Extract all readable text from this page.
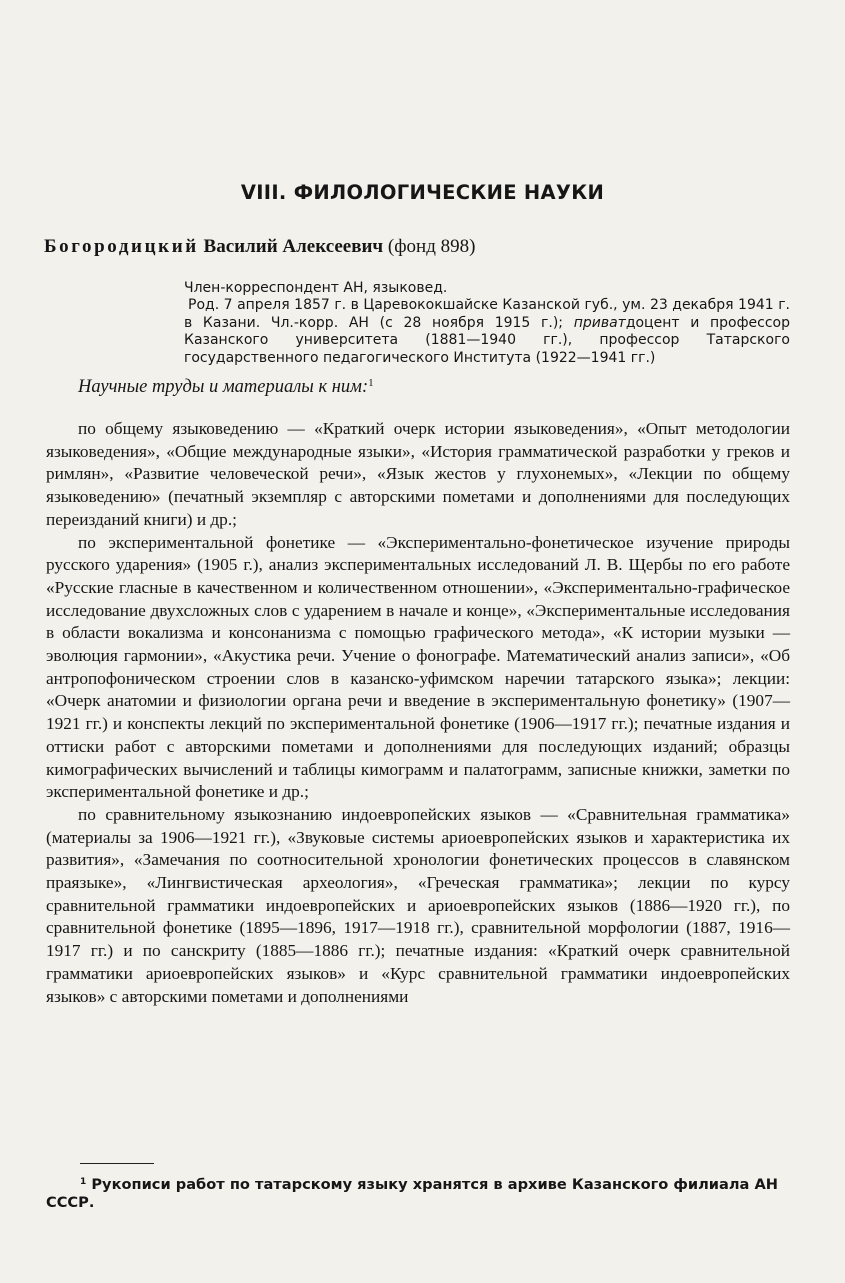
VIII. ФИЛОЛОГИЧЕСКИЕ НАУКИ
Богородицкий Василий Алексеевич (фонд 898)
Член-корреспондент АН, языковед.
Род. 7 апреля 1857 г. в Царевококшайске Казанской губ., ум. 23 декабря 1941 г. в Казани. Чл.-корр. АН (с 28 ноября 1915 г.); приватдоцент и профессор Казанского университета (1881—1940 гг.), профессор Татарского государственного педагогического Института (1922—1941 гг.)
Научные труды и материалы к ним:$^1$

по общему языковедению — «Краткий очерк истории языковедения», «Опыт методологии языковедения», «Общие международные языки», «История грамматической разработки у греков и римлян», «Развитие человеческой речи», «Язык жестов у глухонемых», «Лекции по общему языковедению» (печатный экземпляр с авторскими пометами и дополнениями для последующих переизданий книги) и др.;

по экспериментальной фонетике — «Экспериментально-фонетическое изучение природы русского ударения» (1905 г.), анализ экспериментальных исследований Л. В. Щербы по его работе «Русские гласные в качественном и количественном отношении», «Экспериментально-графическое исследование двухсложных слов с ударением в начале и конце», «Экспериментальные исследования в области вокализма и консонанизма с помощью графического метода», «К истории музыки — эволюция гармонии», «Акустика речи. Учение о фонографе. Математический анализ записи», «Об антропофоническом строении слов в казанско-уфимском наречии татарского языка»; лекции: «Очерк анатомии и физиологии органа речи и введение в экспериментальную фонетику» (1907—1921 гг.) и конспекты лекций по экспериментальной фонетике (1906—1917 гг.); печатные издания и оттиски работ с авторскими пометами и дополнениями для последующих изданий; образцы кимографических вычислений и таблицы кимограмм и палатограмм, записные книжки, заметки по экспериментальной фонетике и др.;

по сравнительному языкознанию индоевропейских языков — «Сравнительная грамматика» (материалы за 1906—1921 гг.), «Звуковые системы ариоевропейских языков и характеристика их развития», «Замечания по соотносительной хронологии фонетических процессов в славянском праязыке», «Лингвистическая археология», «Греческая грамматика»; лекции по курсу сравнительной грамматики индоевропейских и ариоевропейских языков (1886—1920 гг.), по сравнительной фонетике (1895—1896, 1917—1918 гг.), сравнительной морфологии (1887, 1916—1917 гг.) и по санскриту (1885—1886 гг.); печатные издания: «Краткий очерк сравнительной грамматики ариоевропейских языков» и «Курс сравнительной грамматики индоевропейских языков» с авторскими пометами и дополнениями

$^1$ Рукописи работ по татарскому языку хранятся в архиве Казанского филиала АН СССР.
